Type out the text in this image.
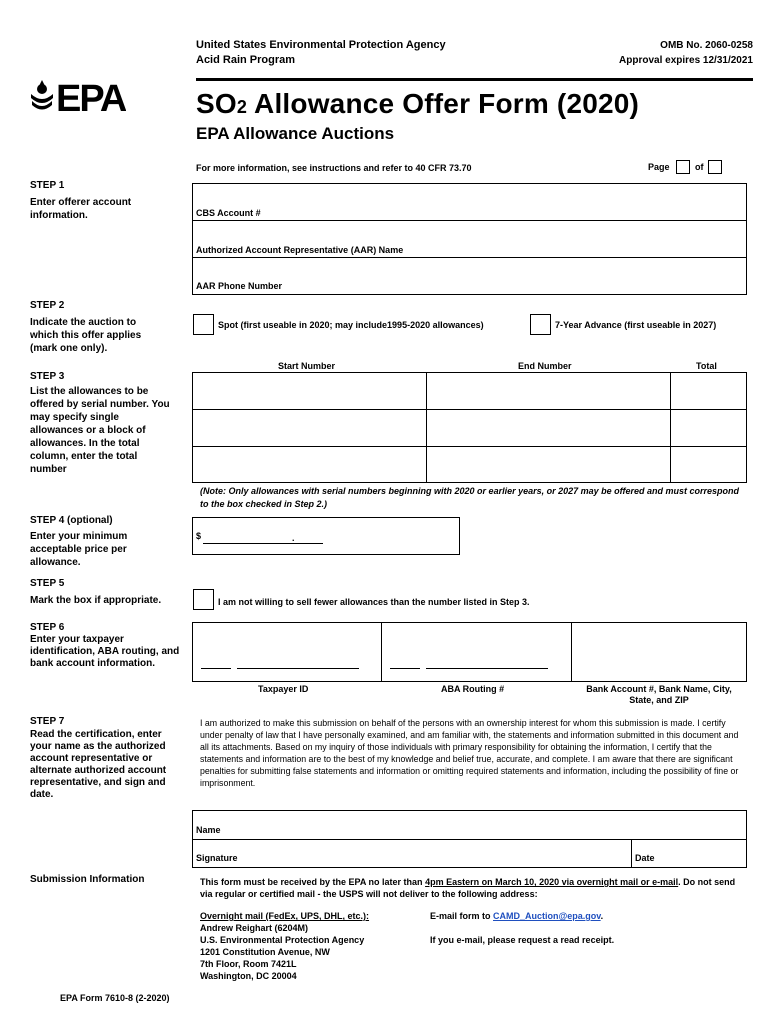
United States Environmental Protection Agency
Acid Rain Program
OMB No. 2060-0258
Approval expires 12/31/2021
EPA	SO2 Allowance Offer Form (2020)
EPA Allowance Auctions
For more information, see instructions and refer to 40 CFR 73.70	Page	of
STEP 1
Enter offerer account information.	CBS Account #
Authorized Account Representative (AAR) Name
AAR Phone Number
STEP 2
Indicate the auction to which this offer applies (mark one only).
Spot (first useable in 2020; may include1995-2020 allowances)	7-Year Advance (first useable in 2027)
STEP 3
List the allowances to be offered by serial number. You may specify single allowances or a block of allowances. In the total column, enter the total number
Start Number	End Number	Total
(Note: Only allowances with serial numbers beginning with 2020 or earlier years, or 2027 may be offered and must correspond to the box checked in Step 2.)
STEP 4 (optional)
Enter your minimum acceptable price per allowance.
$	.
STEP 5
Mark the box if appropriate.	I am not willing to sell fewer allowances than the number listed in Step 3.
STEP 6
Enter your taxpayer identification, ABA routing, and bank account information.
Taxpayer ID	ABA Routing #	Bank Account #, Bank Name, City, State, and ZIP
STEP 7
Read the certification, enter your name as the authorized account representative or alternate authorized account representative, and sign and date.
I am authorized to make this submission on behalf of the persons with an ownership interest for whom this submission is made. I certify under penalty of law that I have personally examined, and am familiar with, the statements and information submitted in this document and all its attachments. Based on my inquiry of those individuals with primary responsibility for obtaining the information, I certify that the statements and information are to the best of my knowledge and belief true, accurate, and complete. I am aware that there are significant penalties for submitting false statements and information or omitting required statements and information, including the possibility of fine or imprisonment.
Name
Signature	Date
Submission Information	This form must be received by the EPA no later than 4pm Eastern on March 10, 2020 via overnight mail or e-mail. Do not send via regular or certified mail - the USPS will not deliver to the following address:
Overnight mail (FedEx, UPS, DHL, etc.):
Andrew Reighart (6204M)
U.S. Environmental Protection Agency
1201 Constitution Avenue, NW
7th Floor, Room 7421L
Washington, DC 20004
E-mail form to CAMD_Auction@epa.gov.
If you e-mail, please request a read receipt.
EPA Form 7610-8 (2-2020)
